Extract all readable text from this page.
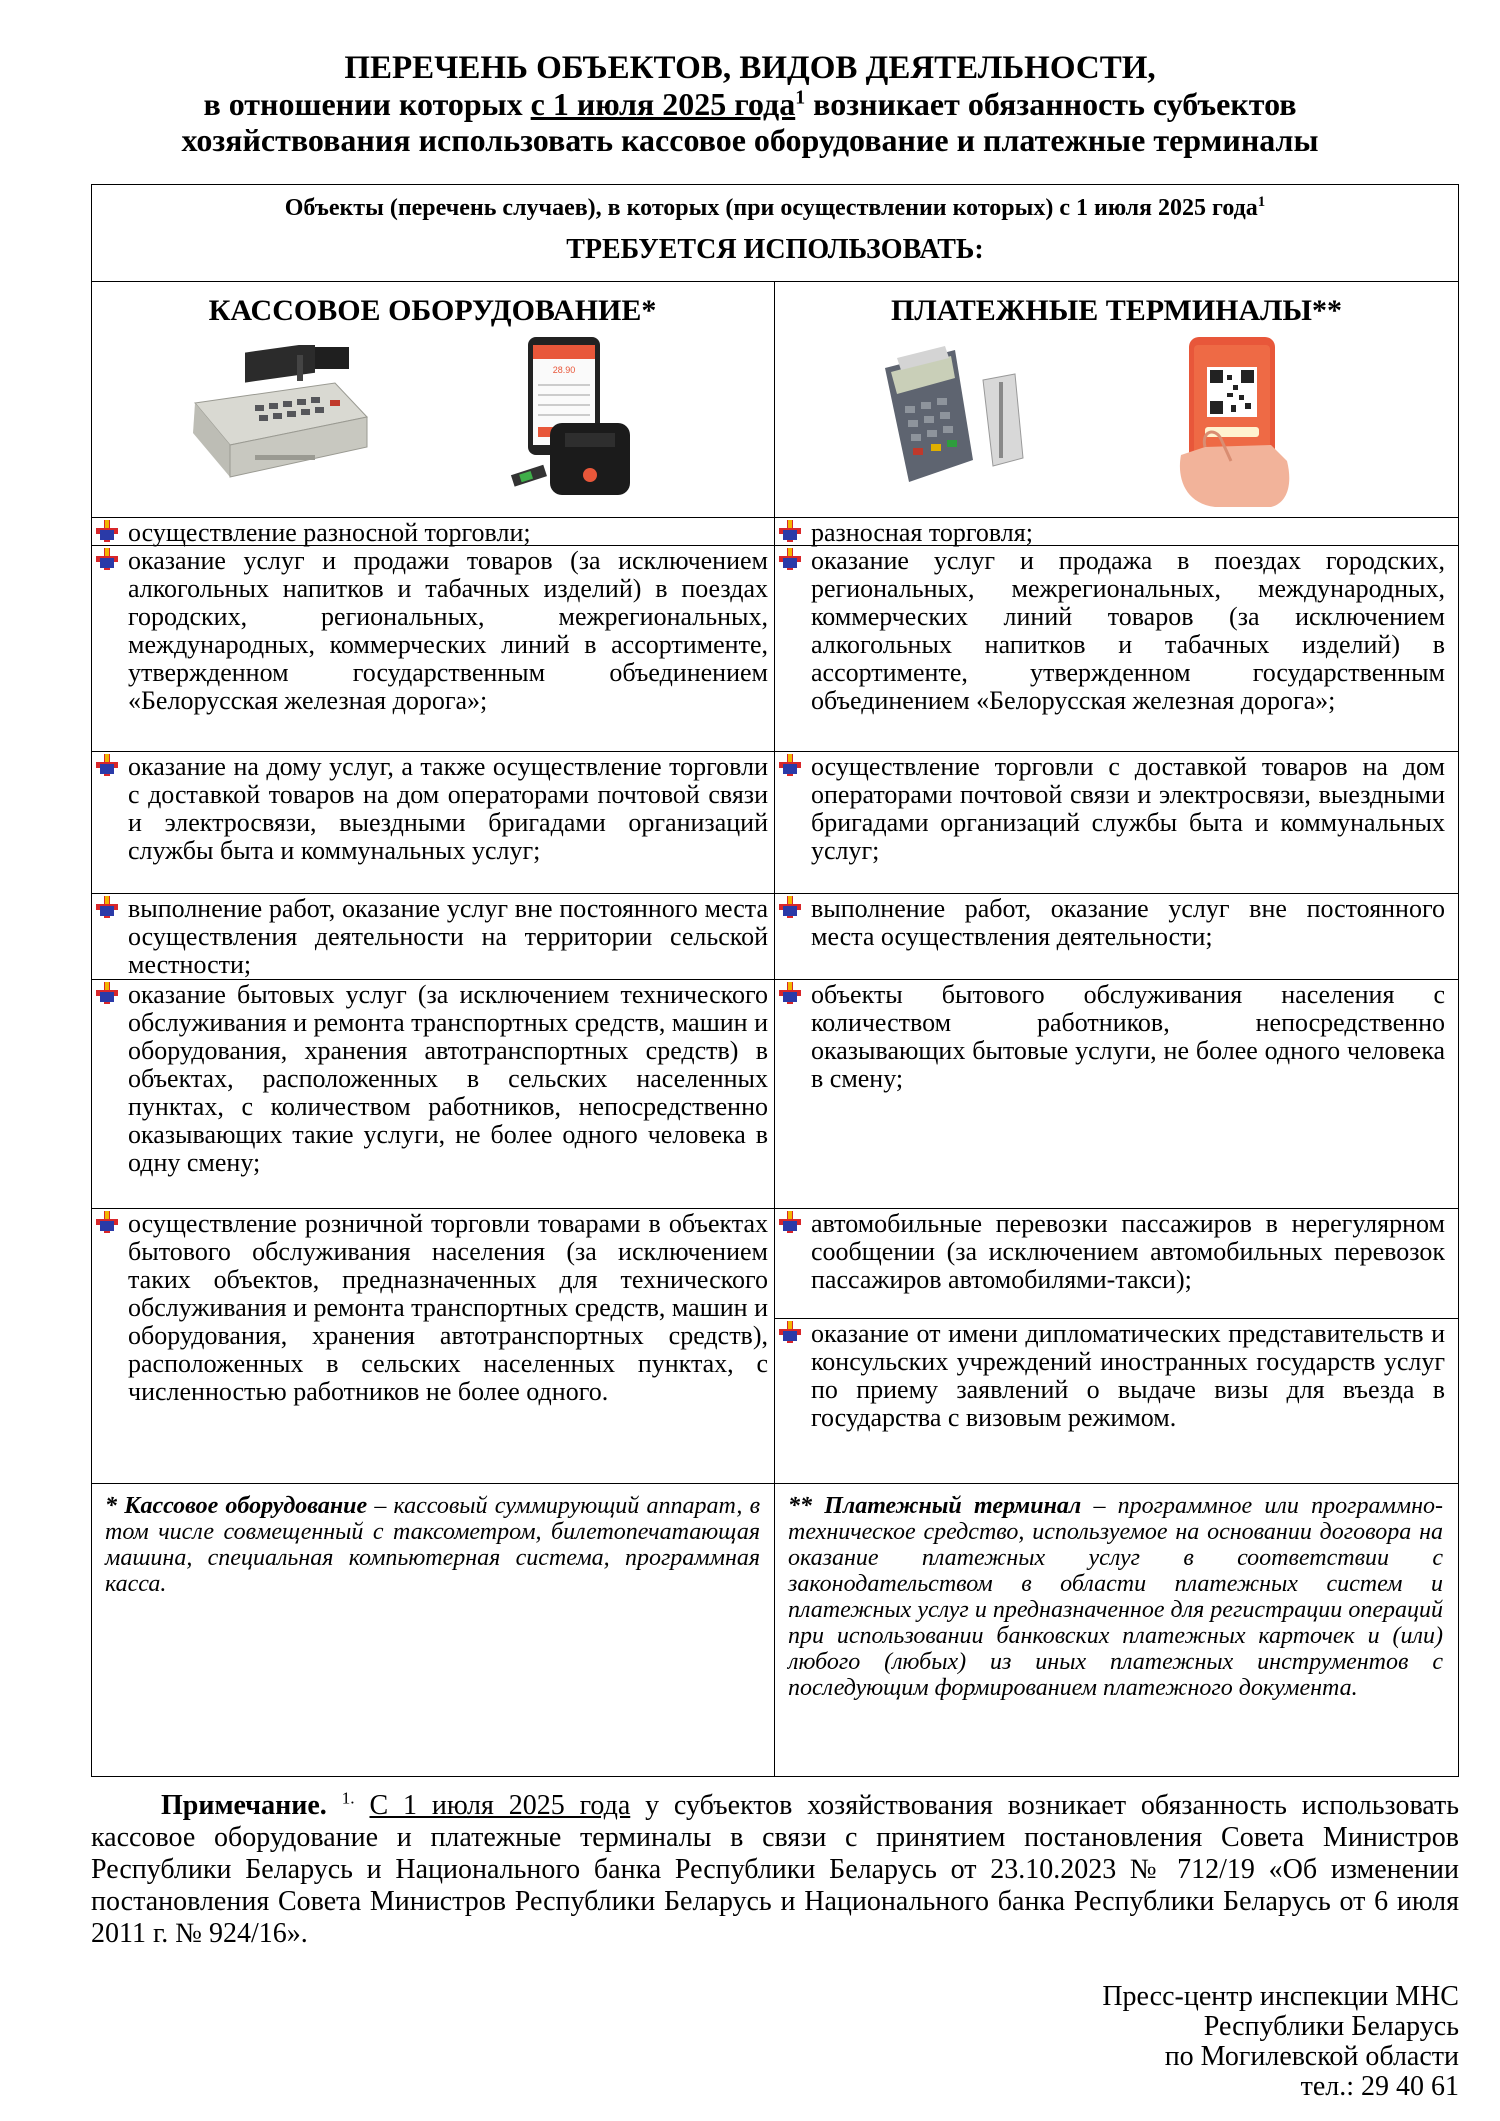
ПЕРЕЧЕНЬ ОБЪЕКТОВ, ВИДОВ ДЕЯТЕЛЬНОСТИ,
в отношении которых с 1 июля 2025 года$^1$ возникает обязанность субъектов
хозяйствования использовать кассовое оборудование и платежные терминалы
Объекты (перечень случаев), в которых (при осуществлении которых) с 1 июля 2025 года$^1$
ТРЕБУЕТСЯ ИСПОЛЬЗОВАТЬ:
КАССОВОЕ ОБОРУДОВАНИЕ*	ПЛАТЕЖНЫЕ ТЕРМИНАЛЫ**
28.90
осуществление разносной торговли;
оказание услуг и продажи товаров (за исключением алкогольных напитков и табачных изделий) в поездах городских, региональных, межрегиональных, международных, коммерческих линий в ассортименте, утвержденном государственным объединением «Белорусская железная дорога»;
оказание на дому услуг, а также осуществление торговли с доставкой товаров на дом операторами почтовой связи и электросвязи, выездными бригадами организаций службы быта и коммунальных услуг;
выполнение работ, оказание услуг вне постоянного места осуществления деятельности на территории сельской местности;
оказание бытовых услуг (за исключением технического обслуживания и ремонта транспортных средств, машин и оборудования, хранения автотранспортных средств) в объектах, расположенных в сельских населенных пунктах, с количеством работников, непосредственно оказывающих такие услуги, не более одного человека в одну смену;
осуществление розничной торговли товарами в объектах бытового обслуживания населения (за исключением таких объектов, предназначенных для технического обслуживания и ремонта транспортных средств, машин и оборудования, хранения автотранспортных средств), расположенных в сельских населенных пунктах, с численностью работников не более одного.
разносная торговля;
оказание услуг и продажа в поездах городских, региональных, межрегиональных, международных, коммерческих линий товаров (за исключением алкогольных напитков и табачных изделий) в ассортименте, утвержденном государственным объединением «Белорусская железная дорога»;
осуществление торговли с доставкой товаров на дом операторами почтовой связи и электросвязи, выездными бригадами организаций службы быта и коммунальных услуг;
выполнение работ, оказание услуг вне постоянного места осуществления деятельности;
объекты бытового обслуживания населения с количеством работников, непосредственно оказывающих бытовые услуги, не более одного человека в смену;
автомобильные перевозки пассажиров в нерегулярном сообщении (за исключением автомобильных перевозок пассажиров автомобилями-такси);
оказание от имени дипломатических представительств и консульских учреждений иностранных государств услуг по приему заявлений о выдаче визы для въезда в государства с визовым режимом.
* Кассовое оборудование – кассовый суммирующий аппарат, в том числе совмещенный с таксометром, билетопечатающая машина, специальная компьютерная система, программная касса.
** Платежный терминал – программное или программно-техническое средство, используемое на основании договора на оказание платежных услуг в соответствии с законодательством в области платежных систем и платежных услуг и предназначенное для регистрации операций при использовании банковских платежных карточек и (или) любого (любых) из иных платежных инструментов с последующим формированием платежного документа.
Примечание. $^{1.}$ С 1 июля 2025 года у субъектов хозяйствования возникает обязанность использовать кассовое оборудование и платежные терминалы в связи с принятием постановления Совета Министров Республики Беларусь и Национального банка Республики Беларусь от 23.10.2023 № 712/19 «Об изменении постановления Совета Министров Республики Беларусь и Национального банка Республики Беларусь от 6 июля 2011 г. № 924/16».
Пресс-центр инспекции МНС
Республики Беларусь
по Могилевской области
тел.: 29 40 61
